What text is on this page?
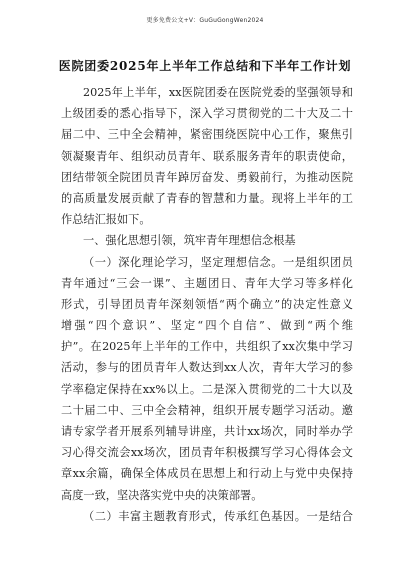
更多免费公文+V：GuGuGongWen2024
医院团委2025年上半年工作总结和下半年工作计划
2025年上半年，xx医院团委在医院党委的坚强领导和
上级团委的悉心指导下，深入学习贯彻党的二十大及二十
届二中、三中全会精神，紧密围绕医院中心工作，聚焦引
领凝聚青年、组织动员青年、联系服务青年的职责使命，
团结带领全院团员青年踔厉奋发、勇毅前行，为推动医院
的高质量发展贡献了青春的智慧和力量。现将上半年的工
作总结汇报如下。
一、强化思想引领，筑牢青年理想信念根基
（一）深化理论学习，坚定理想信念。一是组织团员
青年通过“三会一课”、主题团日、青年大学习等多样化
形式，引导团员青年深刻领悟“两个确立”的决定性意义
增强“四个意识”、坚定“四个自信”、做到“两个维
护”。在2025年上半年的工作中，共组织了xx次集中学习
活动，参与的团员青年人数达到xx人次，青年大学习的参
学率稳定保持在xx%以上。二是深入贯彻党的二十大以及
二十届二中、三中全会精神，组织开展专题学习活动。邀
请专家学者开展系列辅导讲座，共计xx场次，同时举办学
习心得交流会xx场次，团员青年积极撰写学习心得体会文
章xx余篇，确保全体成员在思想上和行动上与党中央保持
高度一致，坚决落实党中央的决策部署。
（二）丰富主题教育形式，传承红色基因。一是结合
